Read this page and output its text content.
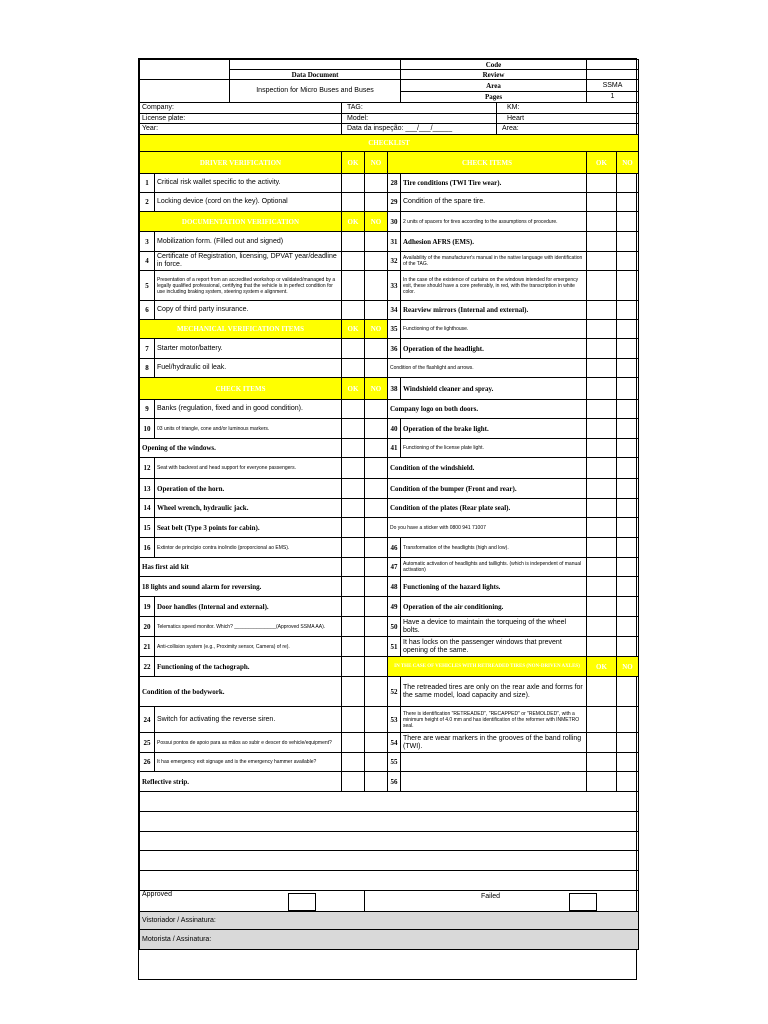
						Code			
		Data Document				Review			
		Inspection for Micro Buses and Buses				Area		SSMA	
						Pages		1	
Company:			TAG:				KM:		
License plate:			Model:				Heart		
Year:			Data da inspeção: ___/___/_____				Area:		
CHECKLIST									
DRIVER VERIFICATION			OK	NO	CHECK ITEMS			OK	NO
1	Critical risk wallet specific to the activity.				28	Tire conditions (TWI Tire wear).			
2	Locking device (cord on the key). Optional				29	Condition of the spare tire.			
DOCUMENTATION VERIFICATION			OK	NO	30	2 units of spacers for tires according to the assumptions of procedure.			
3	Mobilization form. (Filled out and signed)				31	Adhesion AFRS (EMS).			
4	Certificate of Registration, licensing, DPVAT year/deadline in force.				32	Availability of the manufacturer's manual in the native language with identification of the TAG.			
5	Presentation of a report from an accredited workshop or validated/managed by a legally qualified professional, certifying that the vehicle is in perfect condition for use including braking system, steering system e alignment.				33	In the case of the existence of curtains on the windows intended for emergency exit, these should have a core preferably, in red, with the transcription in white color.			
6	Copy of third party insurance.				34	Rearview mirrors (Internal and external).			
MECHANICAL VERIFICATION ITEMS			OK	NO	35	Functioning of the lighthouse.			
7	Starter motor/battery.				36	Operation of the headlight.			
8	Fuel/hydraulic oil leak.				Condition of the flashlight and arrows.				
CHECK ITEMS			OK	NO	38	Windshield cleaner and spray.			
9	Banks (regulation, fixed and in good condition).				Company logo on both doors.				
10	03 units of triangle, cone and/or luminous markers.				40	Operation of the brake light.			
Opening of the windows.					41	Functioning of the license plate light.			
12	Seat with backrest and head support for everyone passengers.				Condition of the windshield.				
13	Operation of the horn.				Condition of the bumper (Front and rear).				
14	Wheel wrench, hydraulic jack.				Condition of the plates (Rear plate seal).				
15	Seat belt (Type 3 points for cabin).				Do you have a sticker with 0800 941 71007				
16	Extintor de princípio contra incêndio (proporcional ao EMS).				46	Transformation of the headlights (high and low).			
Has first aid kit					47	Automatic activation of headlights and taillights. (which is independent of manual activation)			
18 lights and sound alarm for reversing.					48	Functioning of the hazard lights.			
19	Door handles (Internal and external).				49	Operation of the air conditioning.			
20	Telematics speed monitor. Which? _______________(Approved SSMA AA).				50	Have a device to maintain the torqueing of the wheel bolts.			
21	Anti-collision system (e.g., Proximity sensor, Camera) of re).				51	It has locks on the passenger windows that prevent opening of the same.			
22	Functioning of the tachograph.				IN THE CASE OF VEHICLES WITH RETREADED TIRES (NON-DRIVEN AXLES)			OK	NO
Condition of the bodywork.					52	The retreaded tires are only on the rear axle and forms for the same model, load capacity and size).			
24	Switch for activating the reverse siren.				53	There is identification "RETREADED", "RECAPPED" or "REMOLDED", with a minimum height of 4.0 mm and has identification of the reformer with INMETRO seal.			
25	Possui pontos de apoio para as mãos ao subir e descer do vehicle/equipment?				54	There are wear markers in the grooves of the band rolling (TWI).			
26	It has emergency exit signage and is the emergency hammer available?				55				
Reflective strip.					56				

Approved				Failed					

Vistoriador / Assinatura:									
Motorista / Assinatura:									
